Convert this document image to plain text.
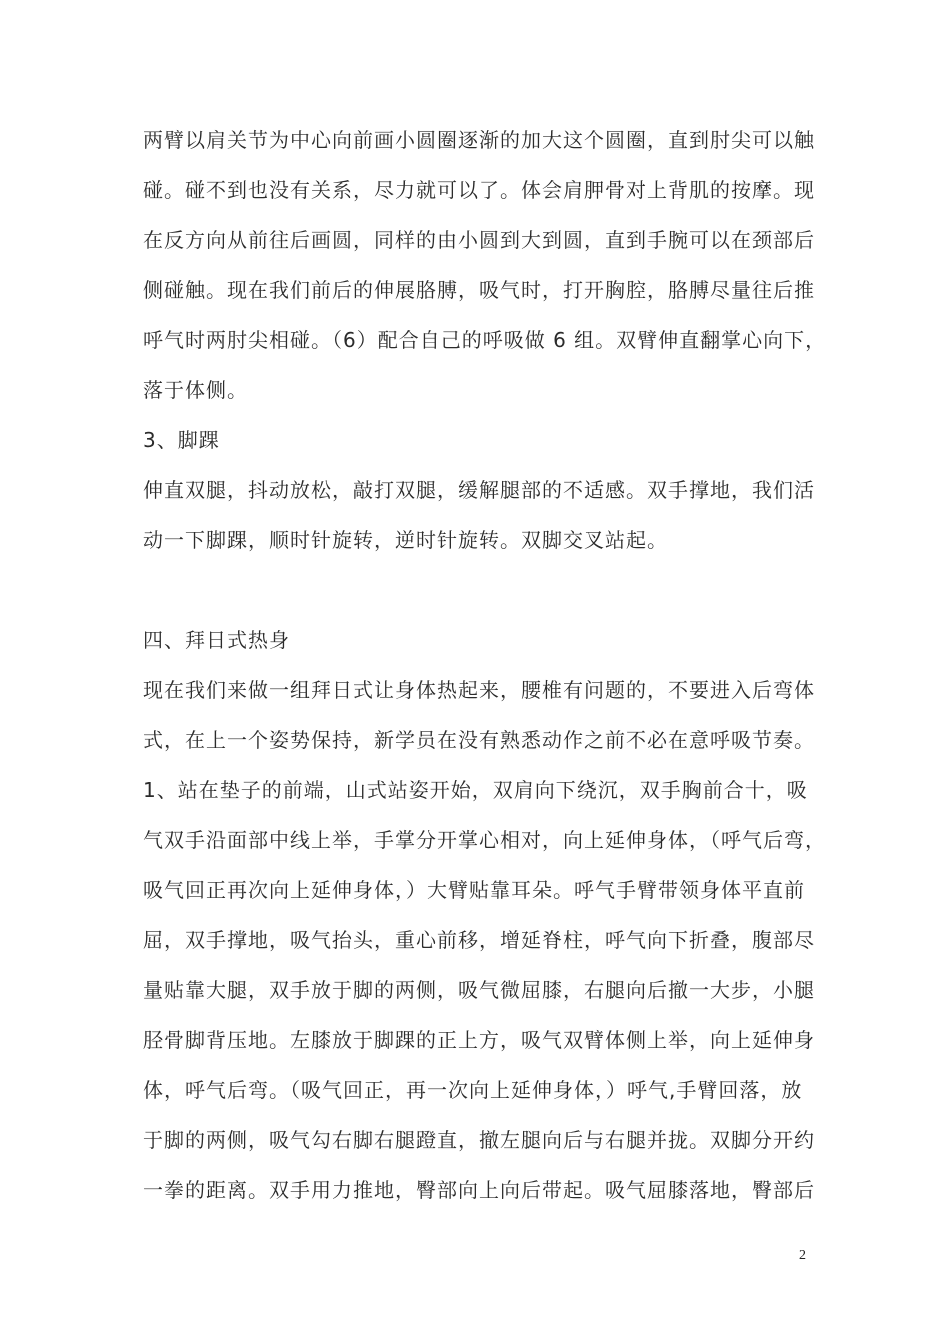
两臂以肩关节为中心向前画小圆圈逐渐的加大这个圆圈，直到肘尖可以触
碰。碰不到也没有关系，尽力就可以了。体会肩胛骨对上背肌的按摩。现
在反方向从前往后画圆，同样的由小圆到大到圆，直到手腕可以在颈部后
侧碰触。现在我们前后的伸展胳膊，吸气时，打开胸腔，胳膊尽量往后推
呼气时两肘尖相碰。（6）配合自己的呼吸做 6 组。双臂伸直翻掌心向下，
落于体侧。
3、脚踝
伸直双腿，抖动放松，敲打双腿，缓解腿部的不适感。双手撑地，我们活
动一下脚踝，顺时针旋转，逆时针旋转。双脚交叉站起。
四、拜日式热身
现在我们来做一组拜日式让身体热起来，腰椎有问题的，不要进入后弯体
式，在上一个姿势保持，新学员在没有熟悉动作之前不必在意呼吸节奏。
1、站在垫子的前端，山式站姿开始，双肩向下绕沉，双手胸前合十，吸
气双手沿面部中线上举，手掌分开掌心相对，向上延伸身体，（呼气后弯，
吸气回正再次向上延伸身体，）大臂贴靠耳朵。呼气手臂带领身体平直前
屈，双手撑地，吸气抬头，重心前移，增延脊柱，呼气向下折叠，腹部尽
量贴靠大腿，双手放于脚的两侧，吸气微屈膝，右腿向后撤一大步，小腿
胫骨脚背压地。左膝放于脚踝的正上方，吸气双臂体侧上举，向上延伸身
体，呼气后弯。（吸气回正，再一次向上延伸身体，）呼气,手臂回落，放
于脚的两侧，吸气勾右脚右腿蹬直，撤左腿向后与右腿并拢。双脚分开约
一拳的距离。双手用力推地，臀部向上向后带起。吸气屈膝落地，臀部后
2
